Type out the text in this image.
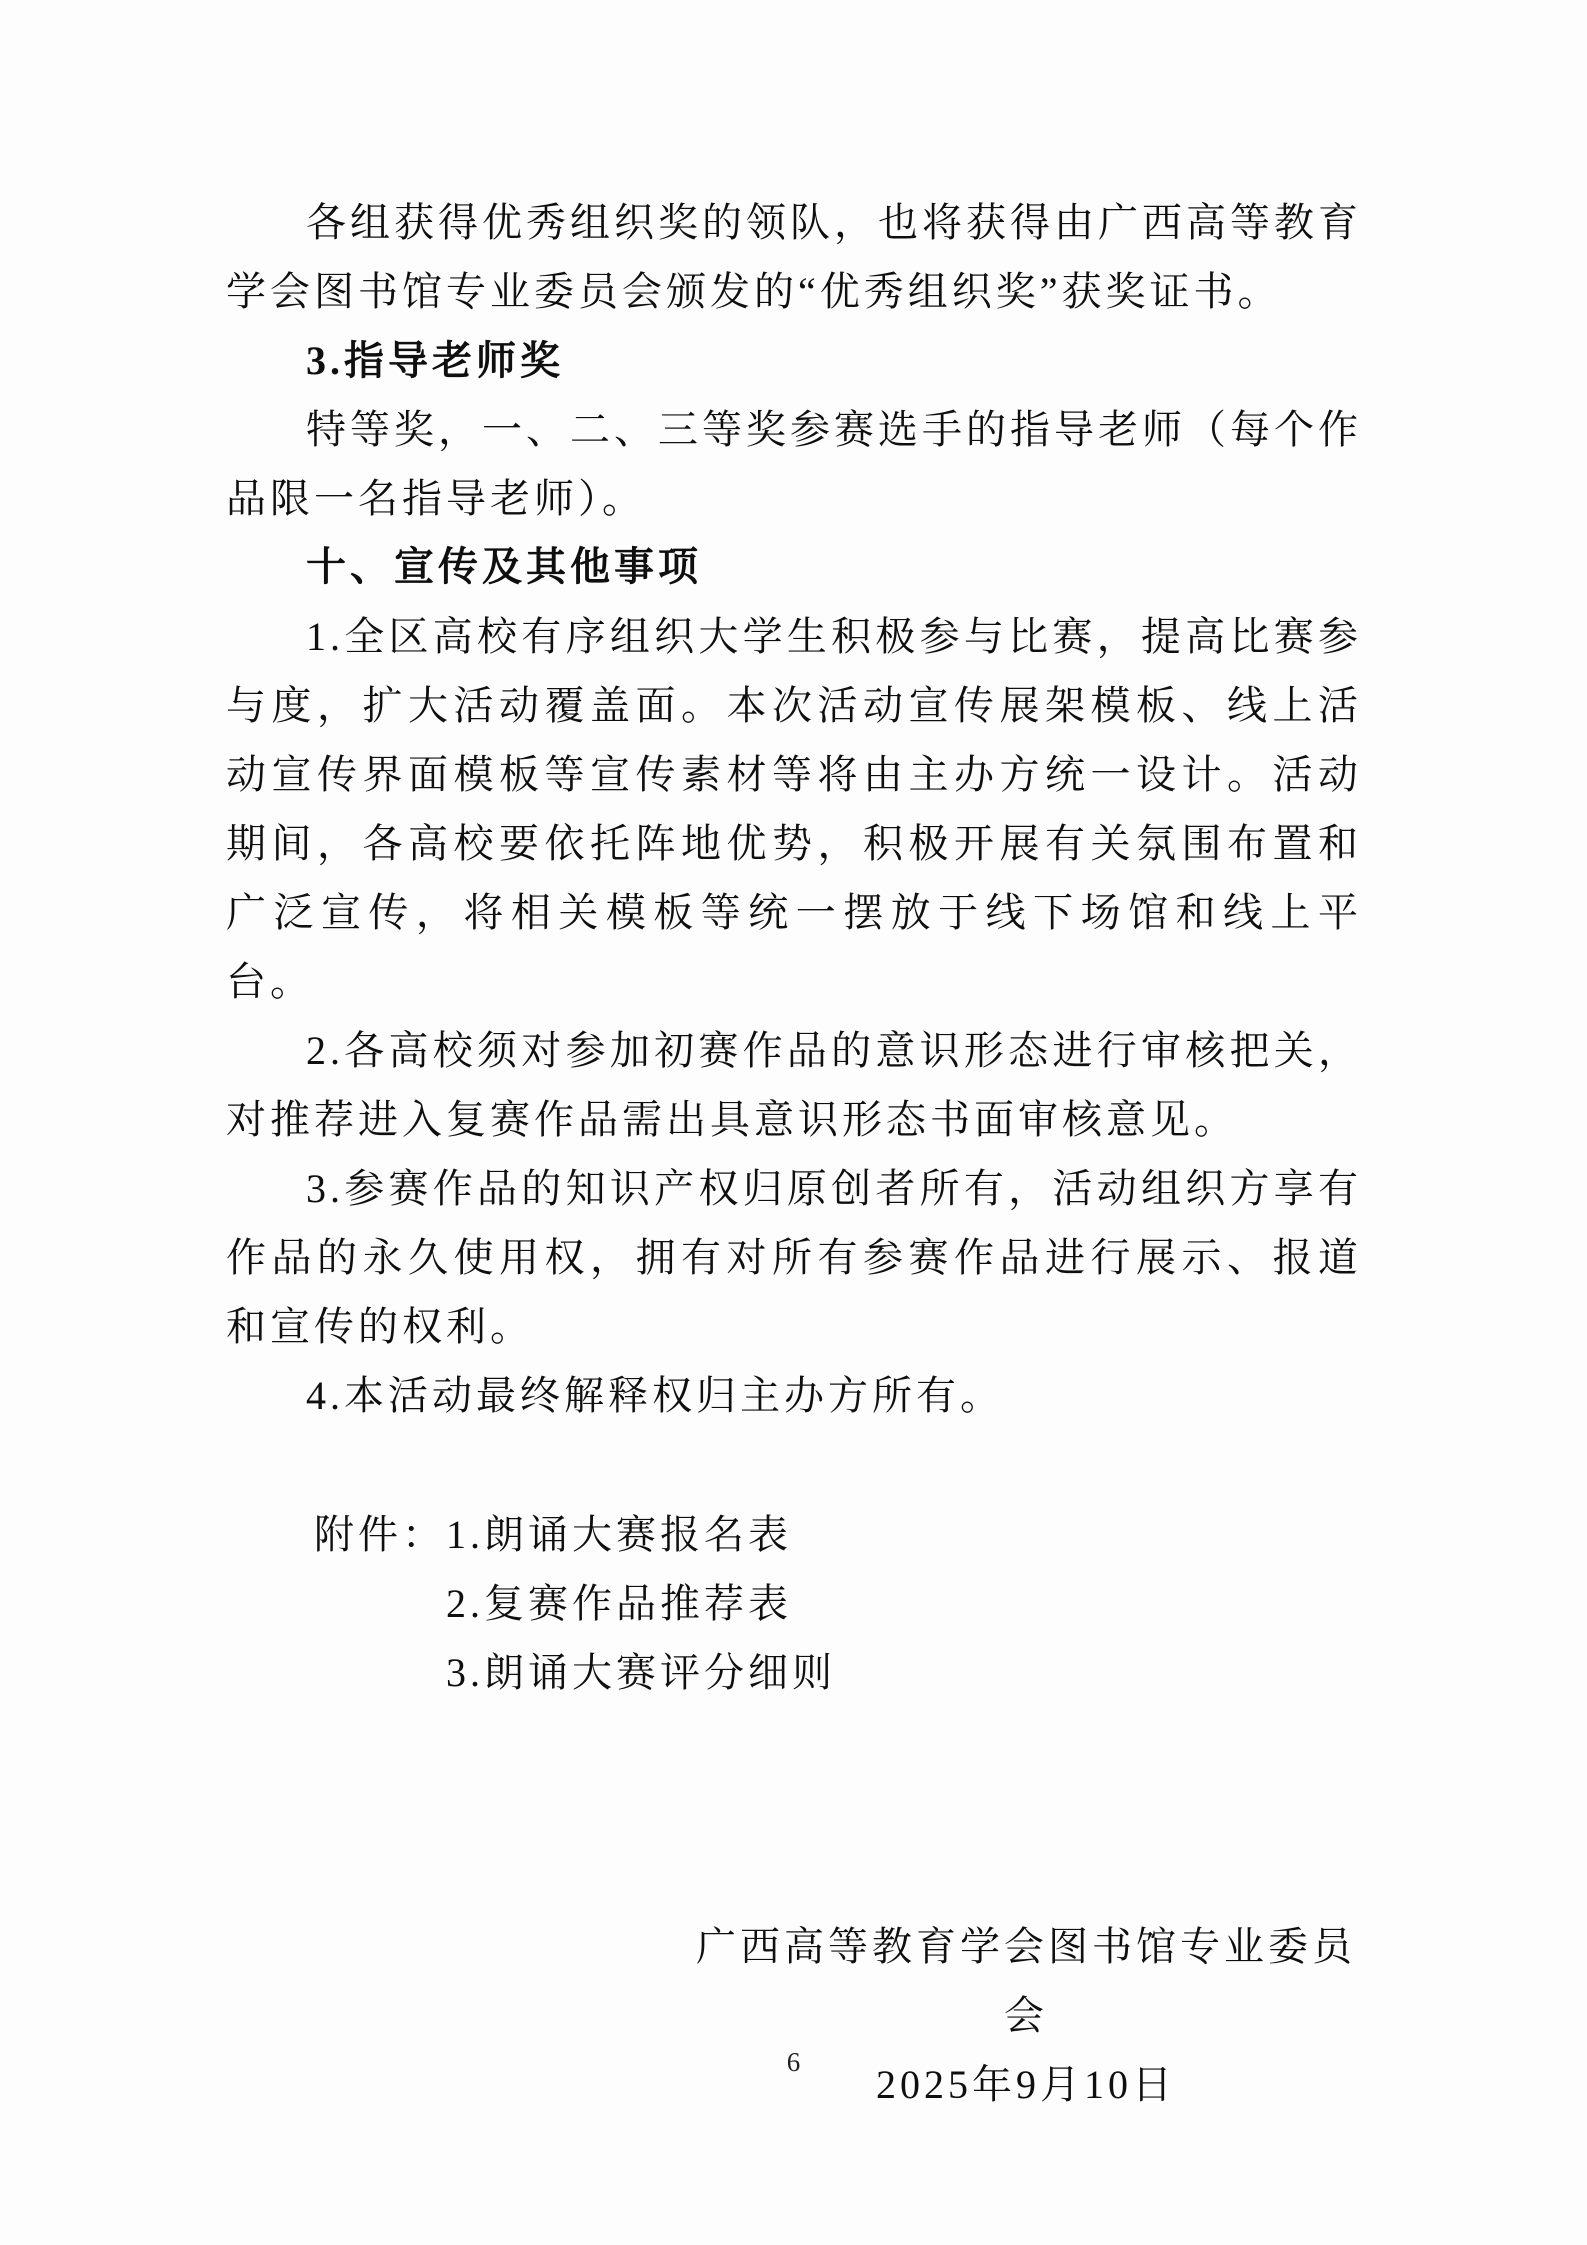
各组获得优秀组织奖的领队，也将获得由广西高等教育学会图书馆专业委员会颁发的“优秀组织奖”获奖证书。

3.指导老师奖

特等奖，一、二、三等奖参赛选手的指导老师（每个作品限一名指导老师）。

十、宣传及其他事项

1.全区高校有序组织大学生积极参与比赛，提高比赛参与度，扩大活动覆盖面。本次活动宣传展架模板、线上活动宣传界面模板等宣传素材等将由主办方统一设计。活动期间，各高校要依托阵地优势，积极开展有关氛围布置和广泛宣传，将相关模板等统一摆放于线下场馆和线上平台。

2.各高校须对参加初赛作品的意识形态进行审核把关，对推荐进入复赛作品需出具意识形态书面审核意见。

3.参赛作品的知识产权归原创者所有，活动组织方享有作品的永久使用权，拥有对所有参赛作品进行展示、报道和宣传的权利。

4.本活动最终解释权归主办方所有。

附件：1.朗诵大赛报名表

2.复赛作品推荐表

3.朗诵大赛评分细则

广西高等教育学会图书馆专业委员会

2025年9月10日

6
